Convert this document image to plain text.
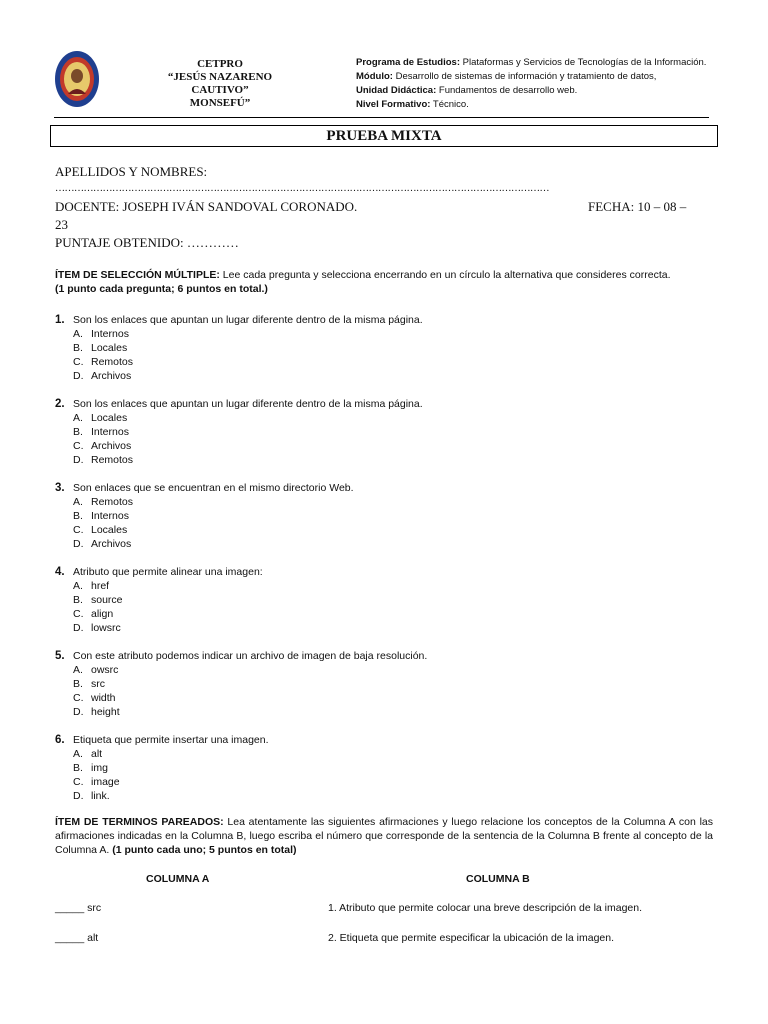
CETPRO
“JESÚS NAZARENO CAUTIVO”
MONSEFÚ”
Programa de Estudios: Plataformas y Servicios de Tecnologías de la Información.
Módulo: Desarrollo de sistemas de información y tratamiento de datos,
Unidad Didáctica: Fundamentos de desarrollo web.
Nivel Formativo: Técnico.
PRUEBA MIXTA
APELLIDOS Y NOMBRES:
…………………………………………………………………………………………………………………………………………
DOCENTE: JOSEPH IVÁN SANDOVAL CORONADO.	FECHA: 10 – 08 –
23
PUNTAJE OBTENIDO: …………
ÍTEM DE SELECCIÓN MÚLTIPLE: Lee cada pregunta y selecciona encerrando en un círculo la alternativa que consideres correcta.
(1 punto cada pregunta; 6 puntos en total.)
1. Son los enlaces que apuntan un lugar diferente dentro de la misma página.
A. Internos
B. Locales
C. Remotos
D. Archivos
2. Son los enlaces que apuntan un lugar diferente dentro de la misma página.
A. Locales
B. Internos
C. Archivos
D. Remotos
3. Son enlaces que se encuentran en el mismo directorio Web.
A. Remotos
B. Internos
C. Locales
D. Archivos
4. Atributo que permite alinear una imagen:
A. href
B. source
C. align
D. lowsrc
5. Con este atributo podemos indicar un archivo de imagen de baja resolución.
A. owsrc
B. src
C. width
D. height
6. Etiqueta que permite insertar una imagen.
A. alt
B. img
C. image
D. link.
ÍTEM DE TERMINOS PAREADOS: Lea atentamente las siguientes afirmaciones y luego relacione los conceptos de la Columna A con las afirmaciones indicadas en la Columna B, luego escriba el número que corresponde de la sentencia de la Columna B frente al concepto de la Columna A. (1 punto cada uno; 5 puntos en total)
COLUMNA A	COLUMNA B
_____ src	1. Atributo que permite colocar una breve descripción de la imagen.
_____ alt	2. Etiqueta que permite especificar la ubicación de la imagen.
